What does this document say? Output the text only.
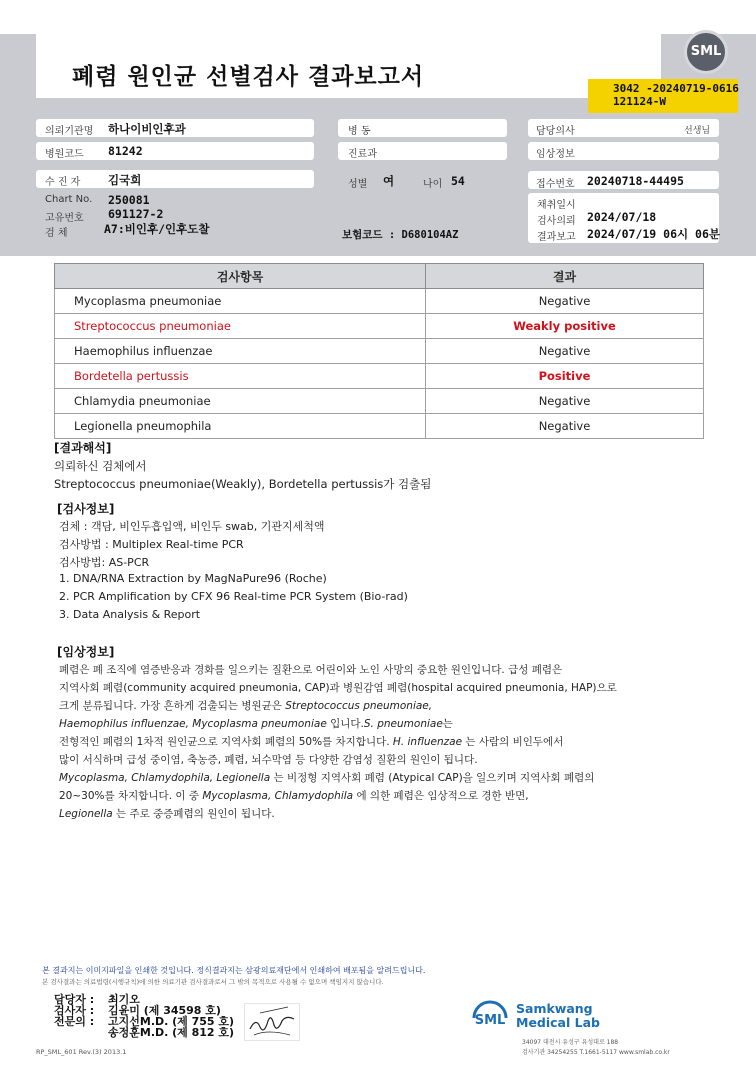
폐렴 원인균 선별검사 결과보고서
SML
3042 -20240719-0616
121124-W
의뢰기관명 하나이비인후과	병 동	담당의사	선생님
병원코드 81242	진료과	임상정보
수 진 자 김국희	성별 여	나이 54	접수번호 20240718-44495
Chart No. 250081
고유번호 691127-2
검 체	A7:비인후/인후도찰	보험코드 : D680104AZ
채취일시
검사의뢰 2024/07/18
결과보고 2024/07/19 06시 06분
검사항목	결과
Mycoplasma pneumoniae	Negative
Streptococcus pneumoniae	Weakly positive
Haemophilus influenzae	Negative
Bordetella pertussis	Positive
Chlamydia pneumoniae	Negative
Legionella pneumophila	Negative
[결과해석]
의뢰하신 검체에서
Streptococcus pneumoniae(Weakly), Bordetella pertussis가 검출됨
[검사정보]
검체 : 객담, 비인두흡입액, 비인두 swab, 기관지세척액
검사방법 : Multiplex Real-time PCR
검사방법: AS-PCR
1. DNA/RNA Extraction by MagNaPure96 (Roche)
2. PCR Amplification by CFX 96 Real-time PCR System (Bio-rad)
3. Data Analysis & Report
[임상정보]
폐렴은 폐 조직에 염증반응과 경화를 일으키는 질환으로 어린이와 노인 사망의 중요한 원인입니다. 급성 폐렴은
지역사회 폐렴(community acquired pneumonia, CAP)과 병원감염 폐렴(hospital acquired pneumonia, HAP)으로
크게 분류됩니다. 가장 흔하게 검출되는 병원균은 Streptococcus pneumoniae,
Haemophilus influenzae, Mycoplasma pneumoniae 입니다.S. pneumoniae는
전형적인 폐렴의 1차적 원인균으로 지역사회 폐렴의 50%를 차지합니다. H. influenzae 는 사람의 비인두에서
많이 서식하며 급성 중이염, 축농증, 폐렴, 뇌수막염 등 다양한 감염성 질환의 원인이 됩니다.
Mycoplasma, Chlamydophila, Legionella 는 비정형 지역사회 폐렴 (Atypical CAP)을 일으키며 지역사회 폐렴의
20~30%를 차지합니다. 이 중 Mycoplasma, Chlamydophila 에 의한 폐렴은 임상적으로 경한 반면,
Legionella 는 주로 중증폐렴의 원인이 됩니다.
본 결과지는 이미지파일을 인쇄한 것입니다. 정식결과지는 삼광의료재단에서 인쇄하여 배포됨을 알려드립니다.
본 검사결과는 의료법령(시행규칙)에 의한 의료기관 검사결과로서 그 밖의 목적으로 사용될 수 없으며 책임지지 않습니다.
담당자 : 최기오
검사자 : 김윤미 (제 34598 호)
전문의 : 고지선M.D. (제 755 호)
송정훈M.D. (제 812 호)
RP_SML_601 Rev.(3) 2013.1
SML
Samkwang
Medical Lab
34097 대전시 유성구 유성대로 188
검사기관 34254255 T.1661-5117 www.smlab.co.kr
